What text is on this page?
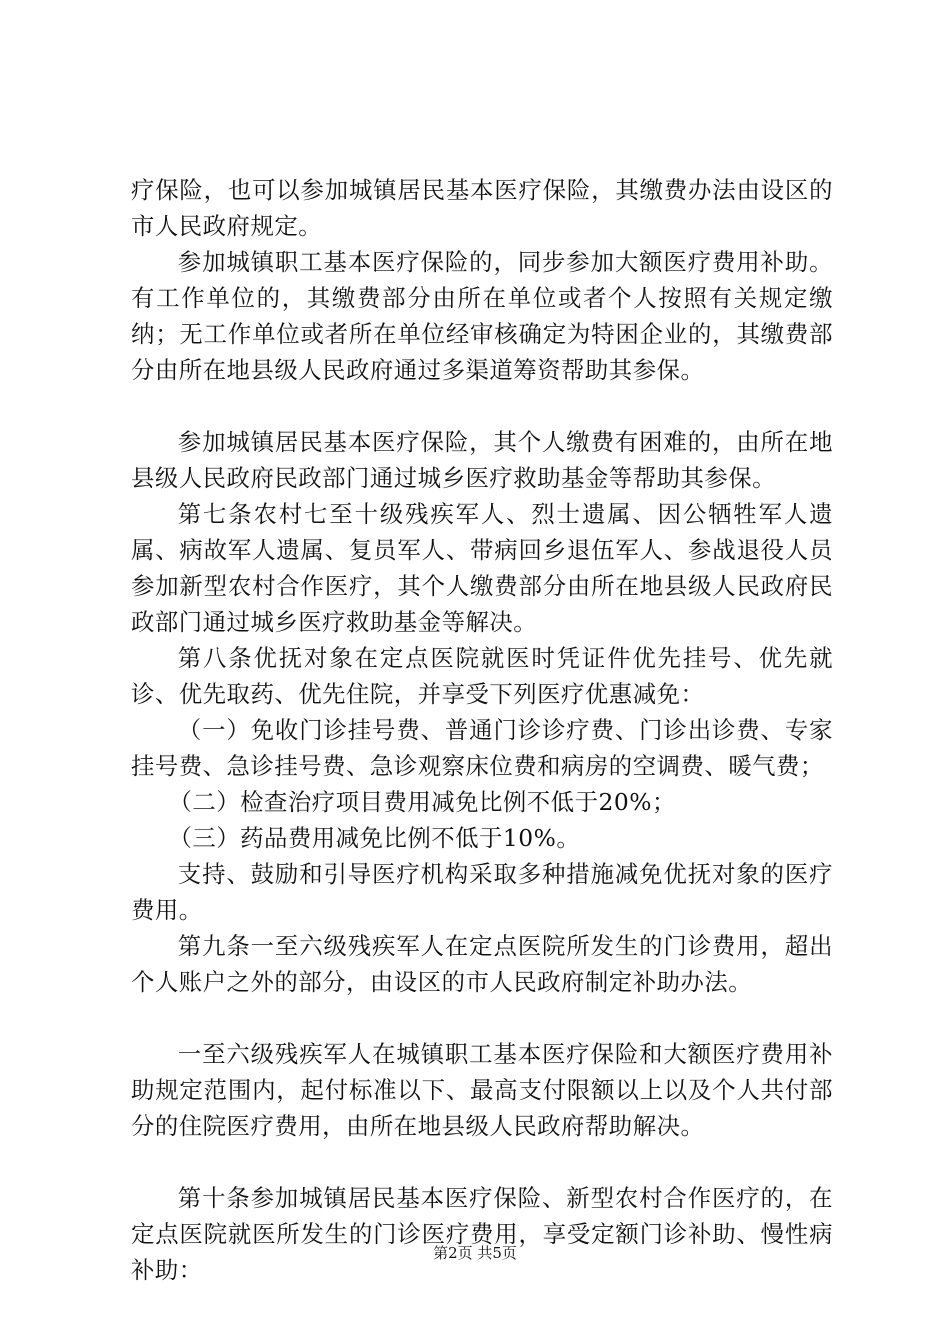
疗保险，也可以参加城镇居民基本医疗保险，其缴费办法由设区的市人民政府规定。

参加城镇职工基本医疗保险的，同步参加大额医疗费用补助。有工作单位的，其缴费部分由所在单位或者个人按照有关规定缴纳；无工作单位或者所在单位经审核确定为特困企业的，其缴费部分由所在地县级人民政府通过多渠道筹资帮助其参保。

参加城镇居民基本医疗保险，其个人缴费有困难的，由所在地县级人民政府民政部门通过城乡医疗救助基金等帮助其参保。

第七条农村七至十级残疾军人、烈士遗属、因公牺牲军人遗属、病故军人遗属、复员军人、带病回乡退伍军人、参战退役人员参加新型农村合作医疗，其个人缴费部分由所在地县级人民政府民政部门通过城乡医疗救助基金等解决。

第八条优抚对象在定点医院就医时凭证件优先挂号、优先就诊、优先取药、优先住院，并享受下列医疗优惠减免：

（一）免收门诊挂号费、普通门诊诊疗费、门诊出诊费、专家挂号费、急诊挂号费、急诊观察床位费和病房的空调费、暖气费；

（二）检查治疗项目费用减免比例不低于20%；

（三）药品费用减免比例不低于10%。

支持、鼓励和引导医疗机构采取多种措施减免优抚对象的医疗费用。

第九条一至六级残疾军人在定点医院所发生的门诊费用，超出个人账户之外的部分，由设区的市人民政府制定补助办法。

一至六级残疾军人在城镇职工基本医疗保险和大额医疗费用补助规定范围内，起付标准以下、最高支付限额以上以及个人共付部分的住院医疗费用，由所在地县级人民政府帮助解决。

第十条参加城镇居民基本医疗保险、新型农村合作医疗的，在定点医院就医所发生的门诊医疗费用，享受定额门诊补助、慢性病补助：

第2页 共5页
